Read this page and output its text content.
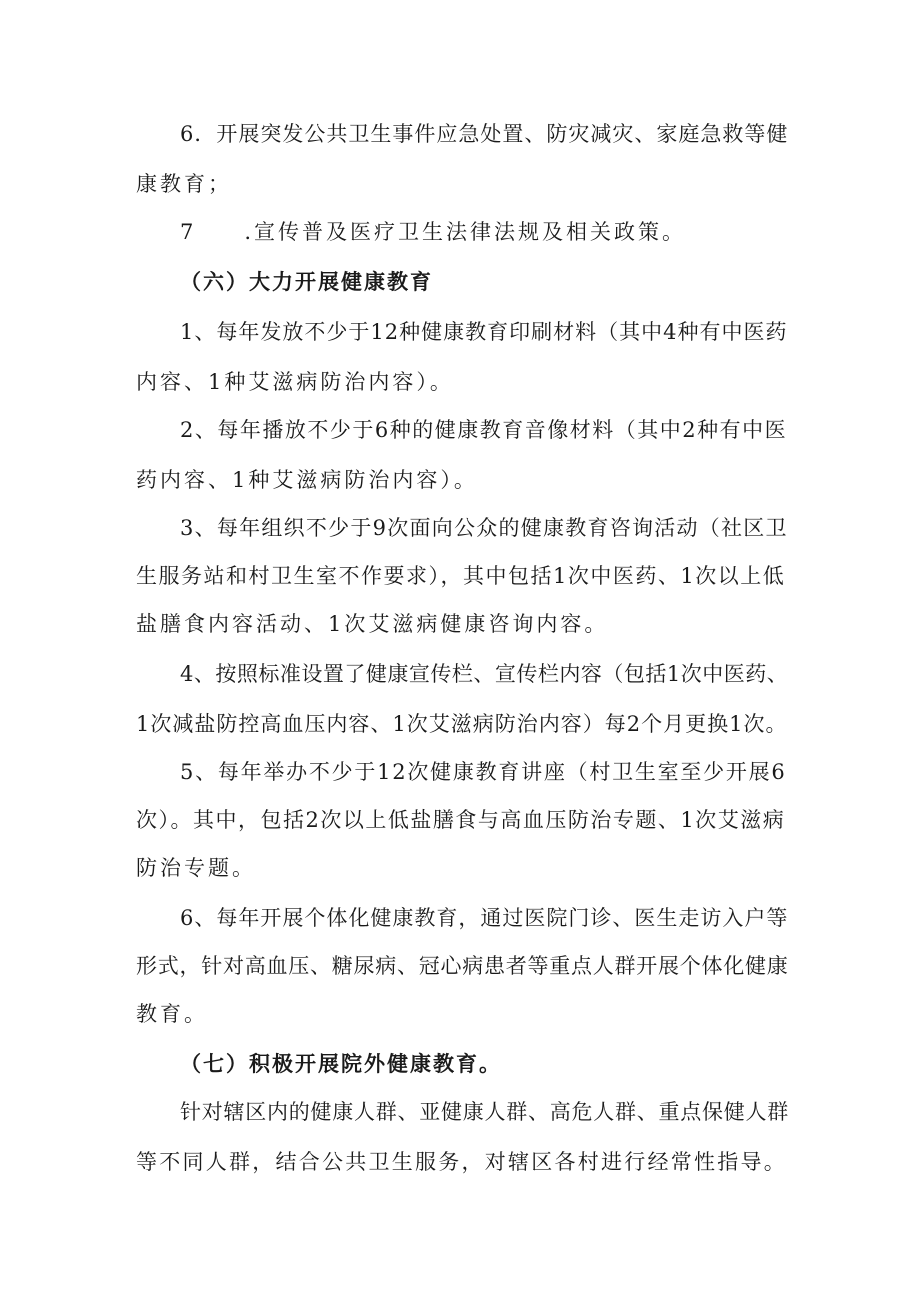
6．开展突发公共卫生事件应急处置、防灾减灾、家庭急救等健
康教育；
7　　.宣传普及医疗卫生法律法规及相关政策。
（六）大力开展健康教育
1、每年发放不少于12种健康教育印刷材料（其中4种有中医药
内容、1种艾滋病防治内容）。
2、每年播放不少于6种的健康教育音像材料（其中2种有中医
药内容、1种艾滋病防治内容）。
3、每年组织不少于9次面向公众的健康教育咨询活动（社区卫
生服务站和村卫生室不作要求），其中包括1次中医药、1次以上低
盐膳食内容活动、1次艾滋病健康咨询内容。
4、按照标准设置了健康宣传栏、宣传栏内容（包括1次中医药、
1次减盐防控高血压内容、1次艾滋病防治内容）每2个月更换1次。
5、每年举办不少于12次健康教育讲座（村卫生室至少开展6
次）。其中，包括2次以上低盐膳食与高血压防治专题、1次艾滋病
防治专题。
6、每年开展个体化健康教育，通过医院门诊、医生走访入户等
形式，针对高血压、糖尿病、冠心病患者等重点人群开展个体化健康
教育。
（七）积极开展院外健康教育。
针对辖区内的健康人群、亚健康人群、高危人群、重点保健人群
等不同人群，结合公共卫生服务，对辖区各村进行经常性指导。
